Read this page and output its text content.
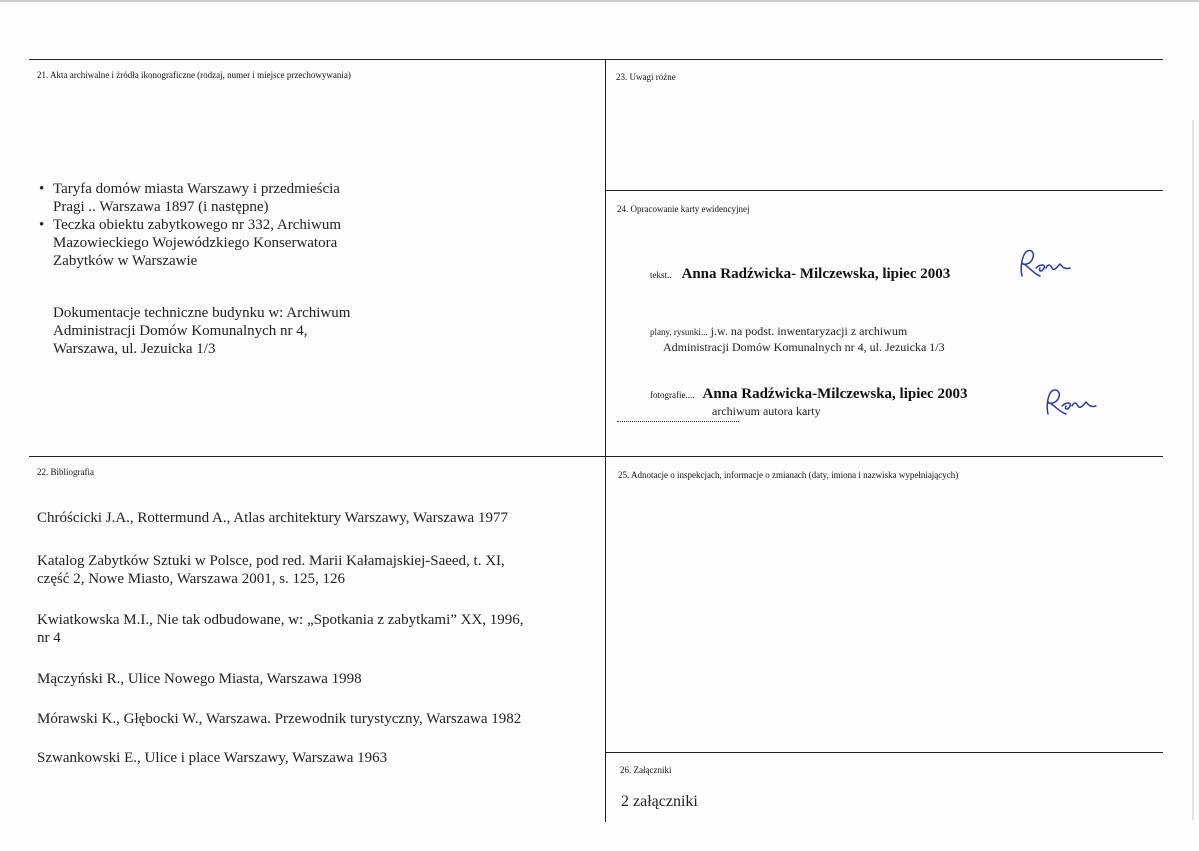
21. Akta archiwalne i źródła ikonograficzne (rodzaj, numer i miejsce przechowywania)
• Taryfa domów miasta Warszawy i przedmieścia
Pragi .. Warszawa 1897 (i następne)
• Teczka obiektu zabytkowego nr 332, Archiwum
Mazowieckiego Wojewódzkiego Konserwatora
Zabytków w Warszawie
Dokumentacje techniczne budynku w: Archiwum
Administracji Domów Komunalnych nr 4,
Warszawa, ul. Jezuicka 1/3
22. Bibliografia
Chróścicki J.A., Rottermund A., Atlas architektury Warszawy, Warszawa 1977
Katalog Zabytków Sztuki w Polsce, pod red. Marii Kałamajskiej-Saeed, t. XI,
część 2, Nowe Miasto, Warszawa 2001, s. 125, 126
Kwiatkowska M.I., Nie tak odbudowane, w: „Spotkania z zabytkami” XX, 1996,
nr 4
Mączyński R., Ulice Nowego Miasta, Warszawa 1998
Mórawski K., Głębocki W., Warszawa. Przewodnik turystyczny, Warszawa 1982
Szwankowski E., Ulice i place Warszawy, Warszawa 1963
23. Uwagi różne
24. Opracowanie karty ewidencyjnej
tekst.. Anna Radźwicka- Milczewska, lipiec 2003
plany, rysunki... j.w. na podst. inwentaryzacji z archiwum
Administracji Domów Komunalnych nr 4, ul. Jezuicka 1/3
fotografie.... Anna Radźwicka-Milczewska, lipiec 2003
archiwum autora karty
25. Adnotacje o inspekcjach, informacje o zmianach (daty, imiona i nazwiska wypełniających)
26. Załączniki
2 załączniki
